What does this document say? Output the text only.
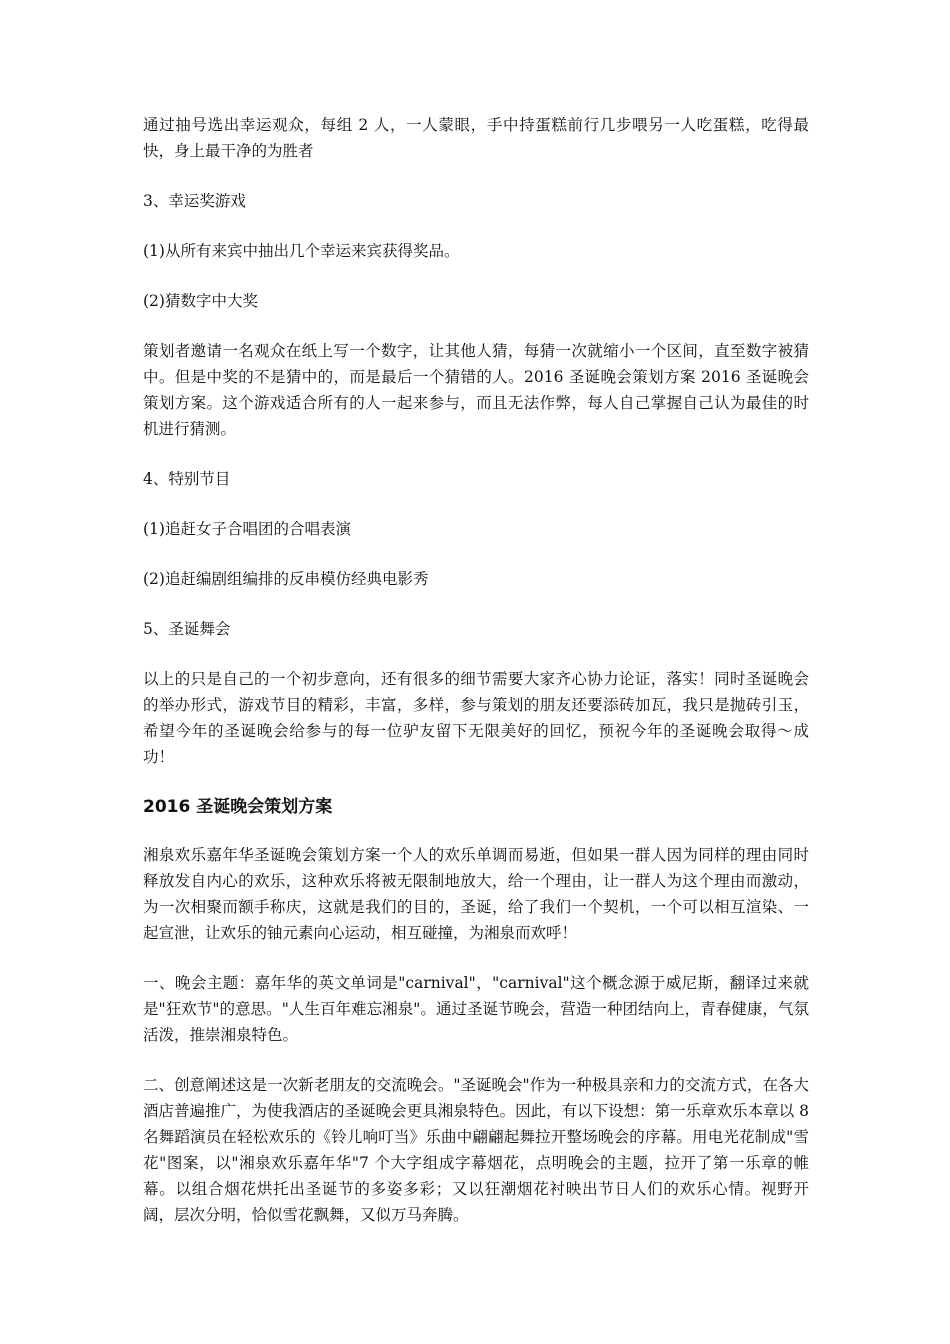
通过抽号选出幸运观众，每组 2 人，一人蒙眼，手中持蛋糕前行几步喂另一人吃蛋糕，吃得最快，身上最干净的为胜者

3、幸运奖游戏

(1)从所有来宾中抽出几个幸运来宾获得奖品。

(2)猜数字中大奖

策划者邀请一名观众在纸上写一个数字，让其他人猜，每猜一次就缩小一个区间，直至数字被猜中。但是中奖的不是猜中的，而是最后一个猜错的人。2016 圣诞晚会策划方案 2016 圣诞晚会策划方案。这个游戏适合所有的人一起来参与，而且无法作弊，每人自己掌握自己认为最佳的时机进行猜测。

4、特别节目

(1)追赶女子合唱团的合唱表演

(2)追赶编剧组编排的反串模仿经典电影秀

5、圣诞舞会

以上的只是自己的一个初步意向，还有很多的细节需要大家齐心协力论证，落实！同时圣诞晚会的举办形式，游戏节目的精彩，丰富，多样，参与策划的朋友还要添砖加瓦，我只是抛砖引玉，希望今年的圣诞晚会给参与的每一位驴友留下无限美好的回忆，预祝今年的圣诞晚会取得～成功！

2016 圣诞晚会策划方案

湘泉欢乐嘉年华圣诞晚会策划方案一个人的欢乐单调而易逝，但如果一群人因为同样的理由同时释放发自内心的欢乐，这种欢乐将被无限制地放大，给一个理由，让一群人为这个理由而激动，为一次相聚而额手称庆，这就是我们的目的，圣诞，给了我们一个契机，一个可以相互渲染、一起宣泄，让欢乐的铀元素向心运动，相互碰撞，为湘泉而欢呼！

一、晚会主题：嘉年华的英文单词是"carnival"，"carnival"这个概念源于威尼斯，翻译过来就是"狂欢节"的意思。"人生百年难忘湘泉"。通过圣诞节晚会，营造一种团结向上，青春健康，气氛活泼，推崇湘泉特色。

二、创意阐述这是一次新老朋友的交流晚会。"圣诞晚会"作为一种极具亲和力的交流方式，在各大酒店普遍推广，为使我酒店的圣诞晚会更具湘泉特色。因此，有以下设想：第一乐章欢乐本章以 8 名舞蹈演员在轻松欢乐的《铃儿响叮当》乐曲中翩翩起舞拉开整场晚会的序幕。用电光花制成"雪花"图案，以"湘泉欢乐嘉年华"7 个大字组成字幕烟花，点明晚会的主题，拉开了第一乐章的帷幕。以组合烟花烘托出圣诞节的多姿多彩；又以狂潮烟花衬映出节日人们的欢乐心情。视野开阔，层次分明，恰似雪花飘舞，又似万马奔腾。
